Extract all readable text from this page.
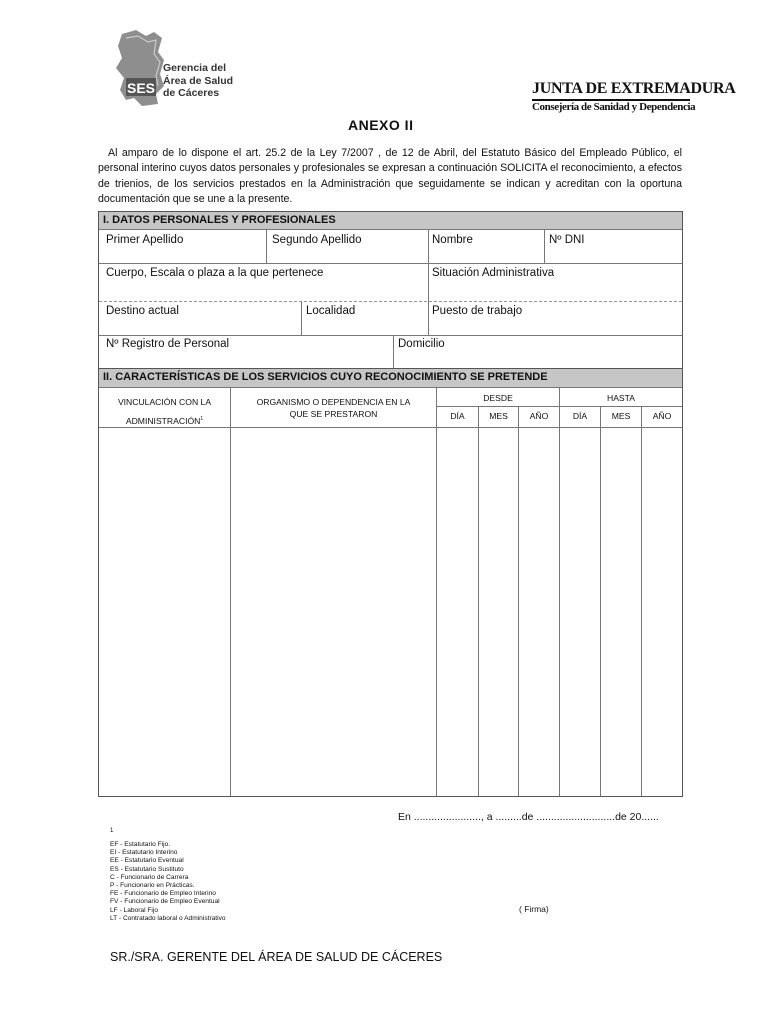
SES
Gerencia del
Área de Salud
de Cáceres	JUNTA DE EXTREMADURA
Consejería de Sanidad y Dependencia
ANEXO II
Al amparo de lo dispone el art. 25.2 de la Ley 7/2007 , de 12 de Abril, del Estatuto Básico del Empleado Público, el personal interino cuyos datos personales y profesionales se expresan a continuación SOLICITA el reconocimiento, a efectos de trienios, de los servicios prestados en la Administración que seguidamente se indican y acreditan con la oportuna documentación que se une a la presente.
I. DATOS PERSONALES Y PROFESIONALES
Primer Apellido	Segundo Apellido	Nombre	Nº DNI
Cuerpo, Escala o plaza a la que pertenece	Situación Administrativa
Destino actual	Localidad	Puesto de trabajo
Nº Registro de Personal	Domicilio
II. CARACTERÍSTICAS DE LOS SERVICIOS CUYO RECONOCIMIENTO SE PRETENDE
VINCULACIÓN CON LA
ADMINISTRACIÓN$^1$
ORGANISMO O DEPENDENCIA EN LA
QUE SE PRESTARON
DESDE	HASTA
DÍA	MES	AÑO	DÍA	MES	AÑO
En ......................., a .........de ...........................de 20......
1
EF - Estatutario Fijo.
EI - Estatutario Interino
EE - Estatutario Eventual
ES - Estatutario Sustituto
C - Funcionario de Carrera
P - Funcionario en Prácticas.
FE - Funcionario de Empleo Interino
FV - Funcionario de Empleo Eventual
LF - Laboral Fijo
LT - Contratado laboral o Administrativo
( Firma)
SR./SRA. GERENTE DEL ÁREA DE SALUD DE CÁCERES
